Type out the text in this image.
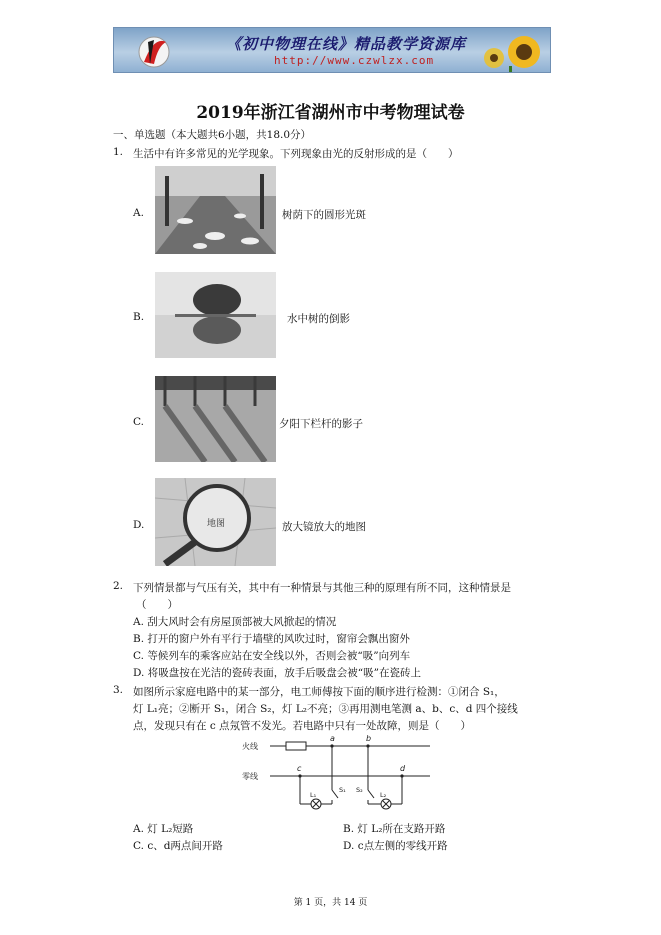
《初中物理在线》精品教学资源库
http://www.czwlzx.com
2019年浙江省湖州市中考物理试卷
一、单选题（本大题共6小题，共18.0分）
1. 生活中有许多常见的光学现象。下列现象由光的反射形成的是（　　）
A.	树荫下的圆形光斑
B.	水中树的倒影
C.	夕阳下栏杆的影子
D.	地图	放大镜放大的地图
2. 下列情景都与气压有关，其中有一种情景与其他三种的原理有所不同，这种情景是
（　　）
A. 刮大风时会有房屋顶部被大风掀起的情况
B. 打开的窗户外有平行于墙壁的风吹过时，窗帘会飘出窗外
C. 等候列车的乘客应站在安全线以外，否则会被“吸”向列车
D. 将吸盘按在光洁的瓷砖表面，放手后吸盘会被“吸”在瓷砖上
3. 如图所示家庭电路中的某一部分，电工师傅按下面的顺序进行检测：①闭合 S₁，
灯 L₁亮；②断开 S₁，闭合 S₂，灯 L₂不亮；③再用测电笔测 a、b、c、d 四个接线
点，发现只有在 c 点氖管不发光。若电路中只有一处故障，则是（　　）
火线
零线
a	b
c	d
L₁
S₁ S₂
L₂
A. 灯 L₂短路	B. 灯 L₂所在支路开路
C. c、d两点间开路	D. c点左侧的零线开路
第 1 页，共 14 页
